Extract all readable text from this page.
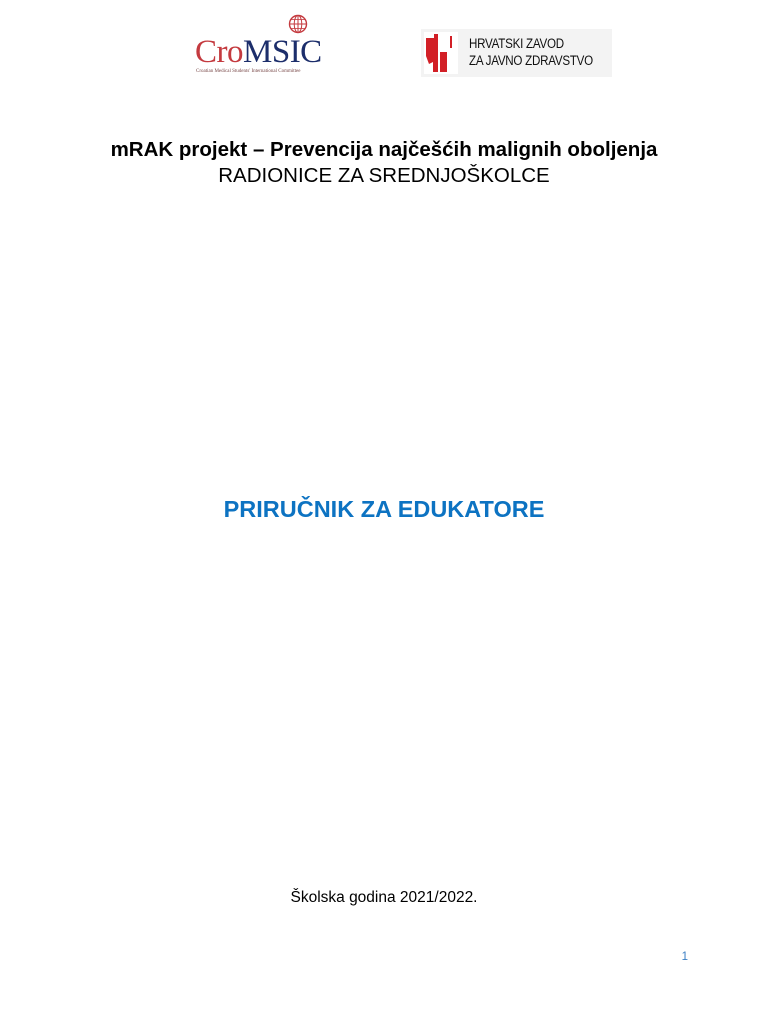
CroMSIC
Croatian Medical Students' International Committee
HRVATSKI ZAVOD
ZA JAVNO ZDRAVSTVO

mRAK projekt – Prevencija najčešćih malignih oboljenja

RADIONICE ZA SREDNJOŠKOLCE

PRIRUČNIK ZA EDUKATORE

Školska godina 2021/2022.

1
